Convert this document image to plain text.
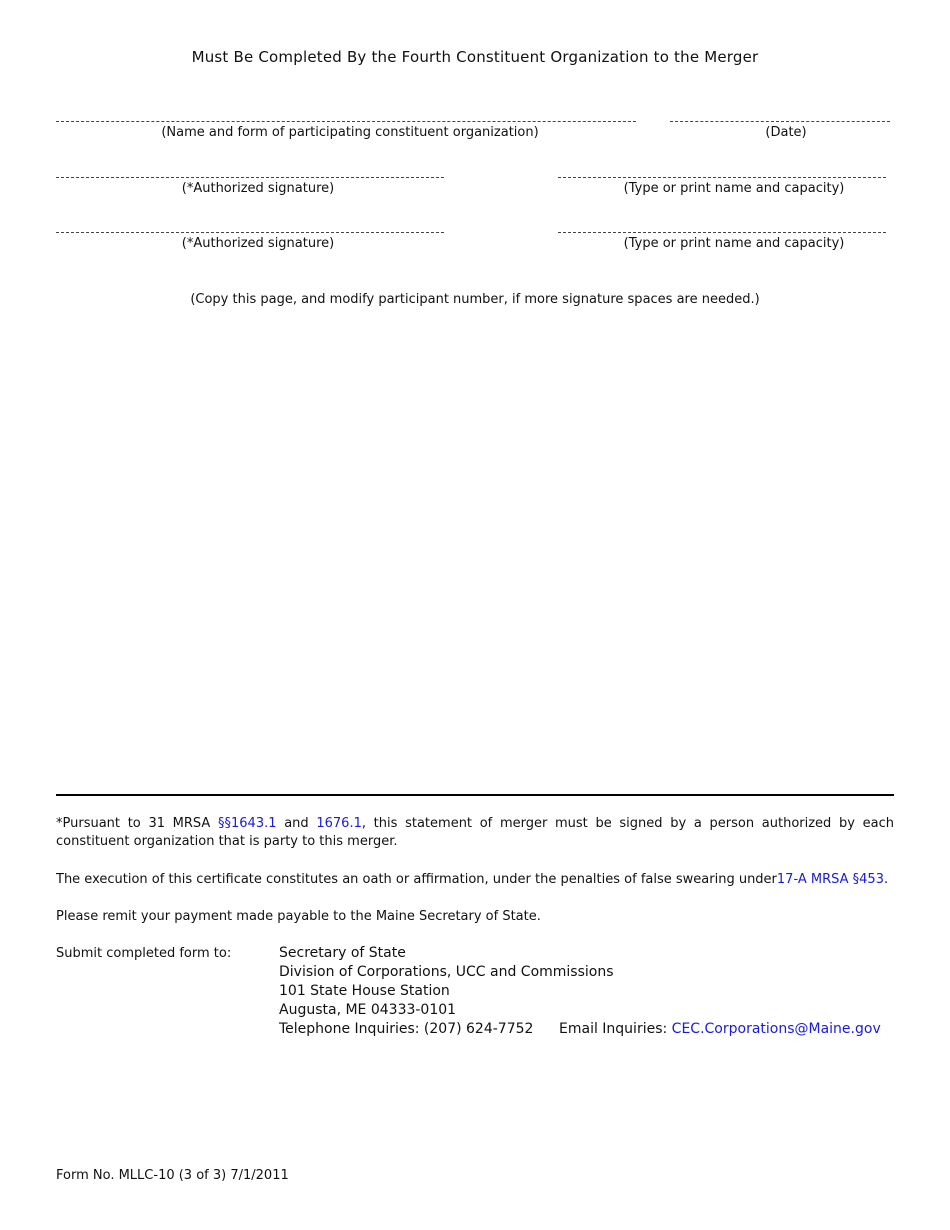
Must Be Completed By the Fourth Constituent Organization to the Merger
(Name and form of participating constituent organization)	(Date)
(*Authorized signature)	(Type or print name and capacity)
(*Authorized signature)	(Type or print name and capacity)
(Copy this page, and modify participant number, if more signature spaces are needed.)
*Pursuant to 31 MRSA §§1643.1 and 1676.1, this statement of merger must be signed by a person authorized by each constituent organization that is party to this merger.
The execution of this certificate constitutes an oath or affirmation, under the penalties of false swearing under17-A MRSA §453.
Please remit your payment made payable to the Maine Secretary of State.
Submit completed form to:	Secretary of State
Division of Corporations, UCC and Commissions
101 State House Station
Augusta, ME 04333-0101
Telephone Inquiries: (207) 624-7752 Email Inquiries: CEC.Corporations@Maine.gov
Form No. MLLC-10 (3 of 3) 7/1/2011
